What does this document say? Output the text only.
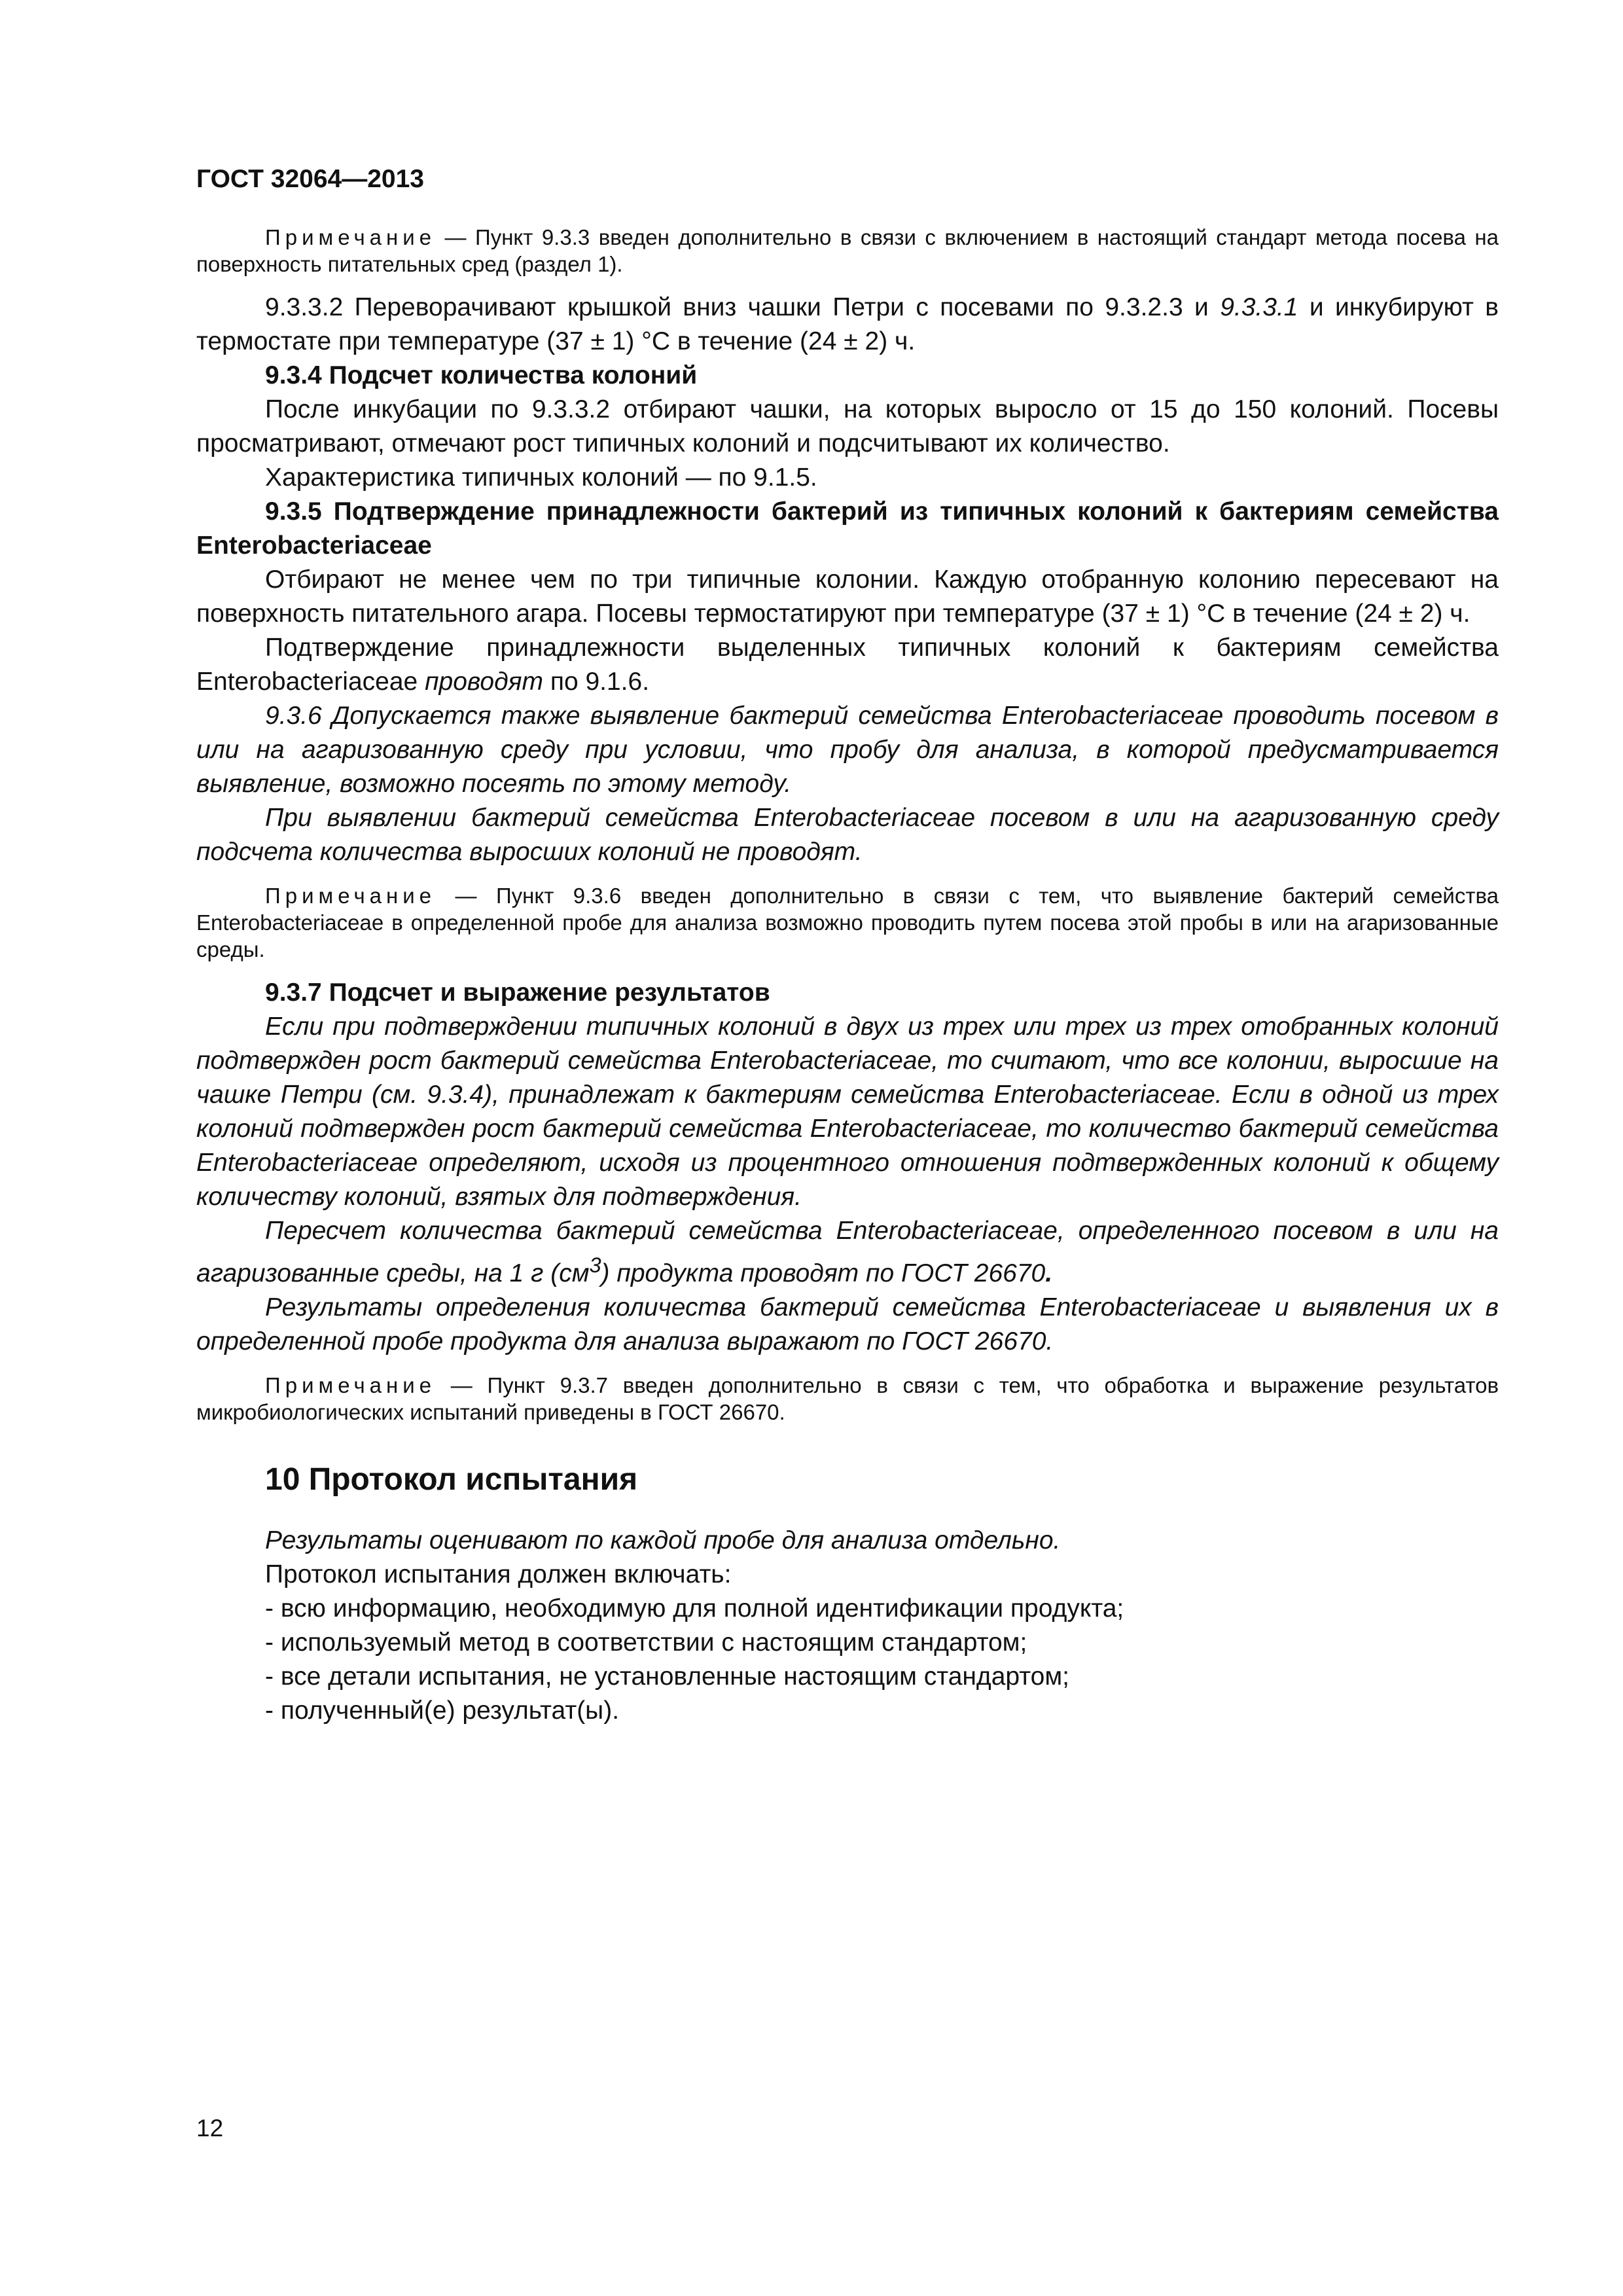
ГОСТ 32064—2013

Примечание — Пункт 9.3.3 введен дополнительно в связи с включением в настоящий стандарт метода посева на поверхность питательных сред (раздел 1).

9.3.3.2 Переворачивают крышкой вниз чашки Петри с посевами по 9.3.2.3 и 9.3.3.1 и инкубируют в термостате при температуре (37 ± 1) °С в течение (24 ± 2) ч.

9.3.4 Подсчет количества колоний

После инкубации по 9.3.3.2 отбирают чашки, на которых выросло от 15 до 150 колоний. Посевы просматривают, отмечают рост типичных колоний и подсчитывают их количество.

Характеристика типичных колоний — по 9.1.5.

9.3.5 Подтверждение принадлежности бактерий из типичных колоний к бактериям семейства Enterobacteriaceae

Отбирают не менее чем по три типичные колонии. Каждую отобранную колонию пересевают на поверхность питательного агара. Посевы термостатируют при температуре (37 ± 1) °С в течение (24 ± 2) ч.

Подтверждение принадлежности выделенных типичных колоний к бактериям семейства Enterobacteriaceae проводят по 9.1.6.

9.3.6 Допускается также выявление бактерий семейства Enterobacteriaceae проводить посевом в или на агаризованную среду при условии, что пробу для анализа, в которой предусматривается выявление, возможно посеять по этому методу.

При выявлении бактерий семейства Enterobacteriaceae посевом в или на агаризованную среду подсчета количества выросших колоний не проводят.

Примечание — Пункт 9.3.6 введен дополнительно в связи с тем, что выявление бактерий семейства Enterobacteriaceae в определенной пробе для анализа возможно проводить путем посева этой пробы в или на агаризованные среды.

9.3.7 Подсчет и выражение результатов

Если при подтверждении типичных колоний в двух из трех или трех из трех отобранных колоний подтвержден рост бактерий семейства Enterobacteriaceae, то считают, что все колонии, выросшие на чашке Петри (см. 9.3.4), принадлежат к бактериям семейства Enterobacteriaceae. Если в одной из трех колоний подтвержден рост бактерий семейства Enterobacteriaceae, то количество бактерий семейства Enterobacteriaceae определяют, исходя из процентного отношения подтвержденных колоний к общему количеству колоний, взятых для подтверждения.

Пересчет количества бактерий семейства Enterobacteriaceae, определенного посевом в или на агаризованные среды, на 1 г $(см^3)$ продукта проводят по ГОСТ 26670.

Результаты определения количества бактерий семейства Enterobacteriaceae и выявления их в определенной пробе продукта для анализа выражают по ГОСТ 26670.

Примечание — Пункт 9.3.7 введен дополнительно в связи с тем, что обработка и выражение результатов микробиологических испытаний приведены в ГОСТ 26670.

10 Протокол испытания

Результаты оценивают по каждой пробе для анализа отдельно.

Протокол испытания должен включать:

- всю информацию, необходимую для полной идентификации продукта;

- используемый метод в соответствии с настоящим стандартом;

- все детали испытания, не установленные настоящим стандартом;

- полученный(е) результат(ы).

12
